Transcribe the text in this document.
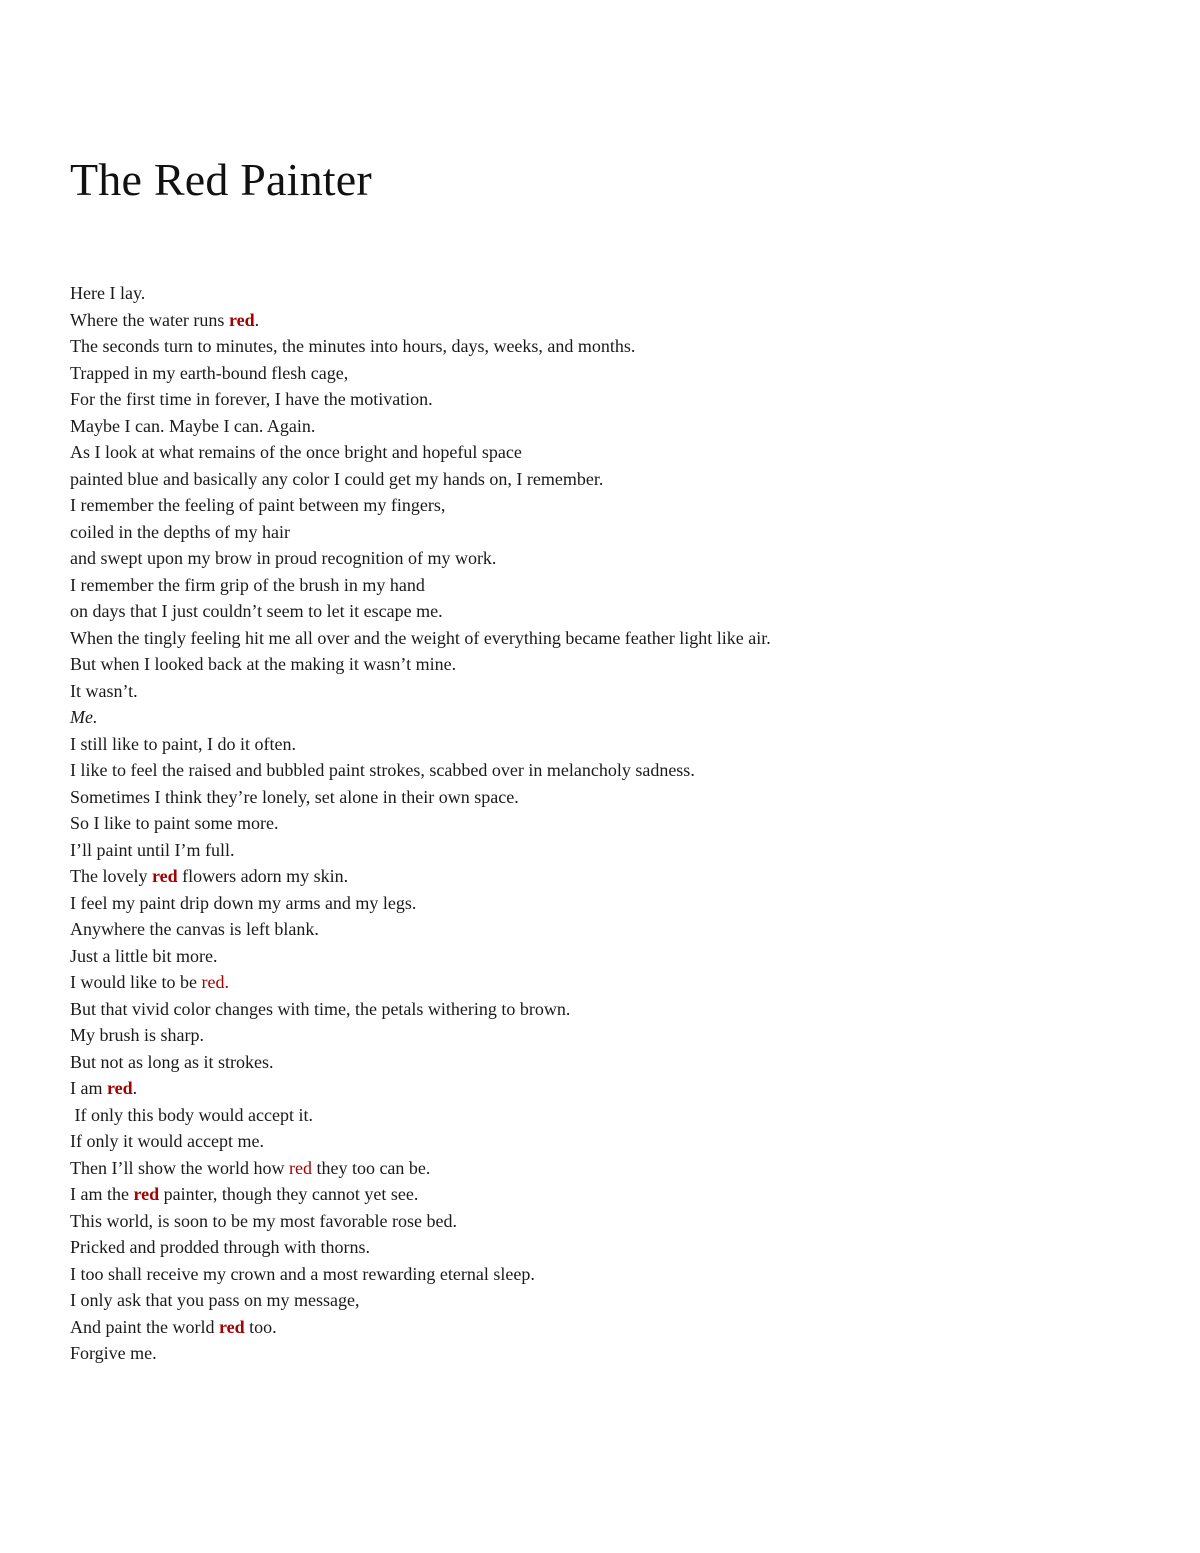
The Red Painter
Here I lay.
Where the water runs red.
The seconds turn to minutes, the minutes into hours, days, weeks, and months.
Trapped in my earth-bound flesh cage,
For the first time in forever, I have the motivation.
Maybe I can. Maybe I can. Again.
As I look at what remains of the once bright and hopeful space
painted blue and basically any color I could get my hands on, I remember.
I remember the feeling of paint between my fingers,
coiled in the depths of my hair
and swept upon my brow in proud recognition of my work.
I remember the firm grip of the brush in my hand
on days that I just couldn’t seem to let it escape me.
When the tingly feeling hit me all over and the weight of everything became feather light like air.
But when I looked back at the making it wasn’t mine.
It wasn’t.
Me.
I still like to paint, I do it often.
I like to feel the raised and bubbled paint strokes, scabbed over in melancholy sadness.
Sometimes I think they’re lonely, set alone in their own space.
So I like to paint some more.
I’ll paint until I’m full.
The lovely red flowers adorn my skin.
I feel my paint drip down my arms and my legs.
Anywhere the canvas is left blank.
Just a little bit more.
I would like to be red.
But that vivid color changes with time, the petals withering to brown.
My brush is sharp.
But not as long as it strokes.
I am red.
If only this body would accept it.
If only it would accept me.
Then I’ll show the world how red they too can be.
I am the red painter, though they cannot yet see.
This world, is soon to be my most favorable rose bed.
Pricked and prodded through with thorns.
I too shall receive my crown and a most rewarding eternal sleep.
I only ask that you pass on my message,
And paint the world red too.
Forgive me.
